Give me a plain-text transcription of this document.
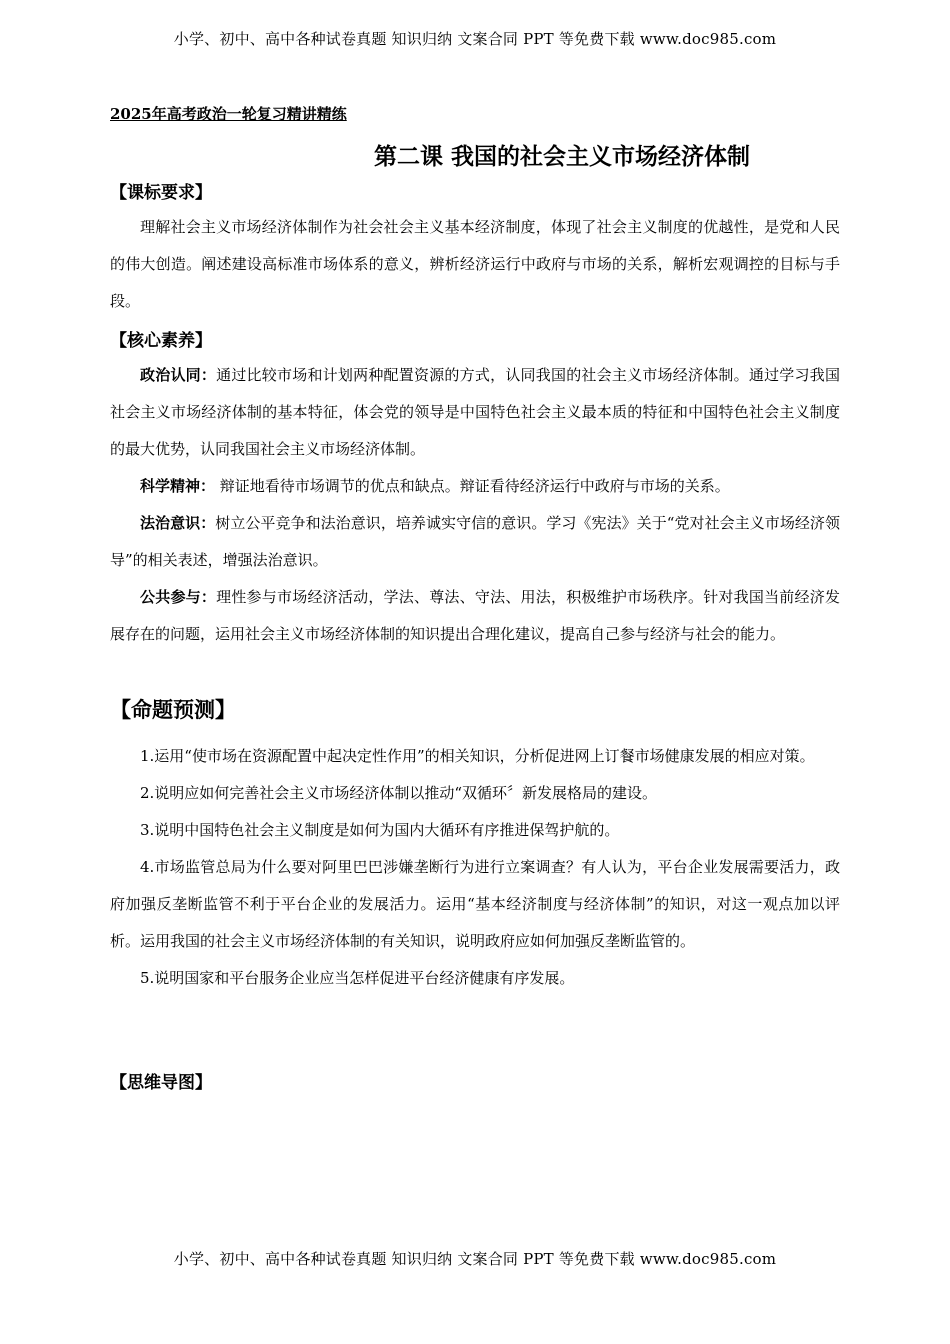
小学、初中、高中各种试卷真题 知识归纳 文案合同 PPT 等免费下载 www.doc985.com
2025年高考政治一轮复习精讲精练
第二课 我国的社会主义市场经济体制
【课标要求】
理解社会主义市场经济体制作为社会社会主义基本经济制度，体现了社会主义制度的优越性，是党和人民的伟大创造。阐述建设高标准市场体系的意义，辨析经济运行中政府与市场的关系，解析宏观调控的目标与手段。
【核心素养】
政治认同：通过比较市场和计划两种配置资源的方式，认同我国的社会主义市场经济体制。通过学习我国社会主义市场经济体制的基本特征，体会党的领导是中国特色社会主义最本质的特征和中国特色社会主义制度的最大优势，认同我国社会主义市场经济体制。
科学精神： 辩证地看待市场调节的优点和缺点。辩证看待经济运行中政府与市场的关系。
法治意识：树立公平竞争和法治意识，培养诚实守信的意识。学习《宪法》关于“党对社会主义市场经济领导”的相关表述，增强法治意识。
公共参与：理性参与市场经济活动，学法、尊法、守法、用法，积极维护市场秩序。针对我国当前经济发展存在的问题，运用社会主义市场经济体制的知识提出合理化建议，提高自己参与经济与社会的能力。
【命题预测】
1.运用“使市场在资源配置中起决定性作用”的相关知识，分析促进网上订餐市场健康发展的相应对策。
2.说明应如何完善社会主义市场经济体制以推动“双循环〞新发展格局的建设。
3.说明中国特色社会主义制度是如何为国内大循环有序推进保驾护航的。
4.市场监管总局为什么要对阿里巴巴涉嫌垄断行为进行立案调查？有人认为，平台企业发展需要活力，政府加强反垄断监管不利于平台企业的发展活力。运用“基本经济制度与经济体制”的知识，对这一观点加以评析。运用我国的社会主义市场经济体制的有关知识，说明政府应如何加强反垄断监管的。
5.说明国家和平台服务企业应当怎样促进平台经济健康有序发展。
【思维导图】
小学、初中、高中各种试卷真题 知识归纳 文案合同 PPT 等免费下载 www.doc985.com
